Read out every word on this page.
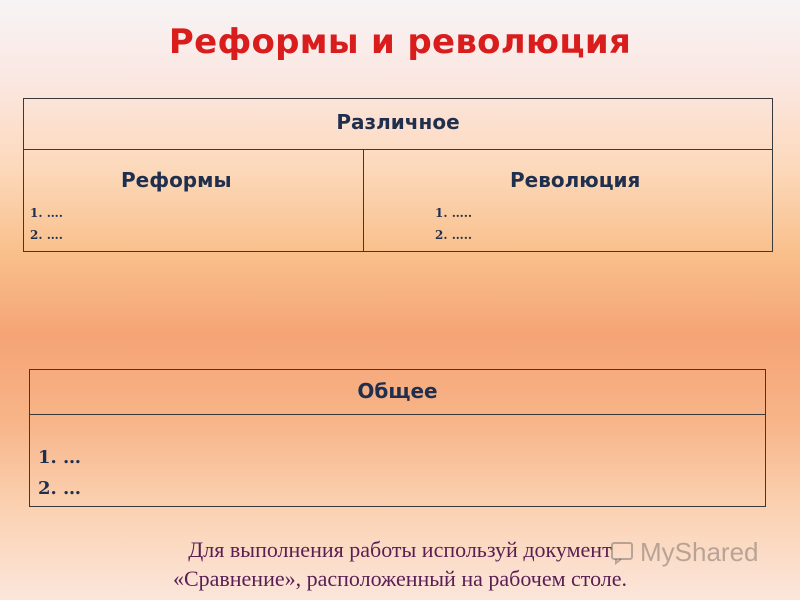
Реформы и революция
Различное
Реформы
1. ….
2. ….
Революция
1. …..
2. …..
Общее
1. …
2. …
Для выполнения работы используй документ
«Сравнение», расположенный на рабочем столе.
MyShared
